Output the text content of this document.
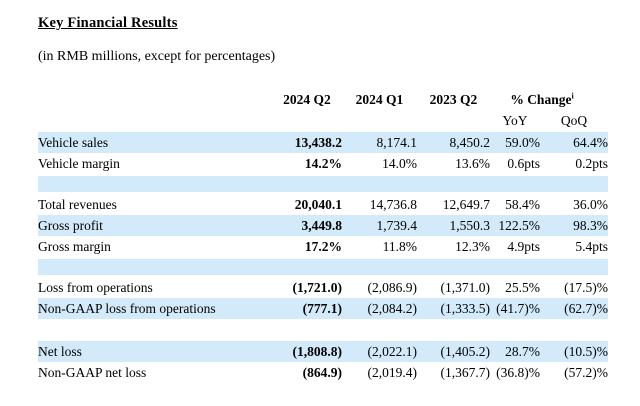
Key Financial Results
(in RMB millions, except for percentages)
2024 Q2	2024 Q1	2023 Q2	% Change$^i$
YoY	QoQ
Vehicle sales	13,438.2	8,174.1	8,450.2	59.0%	64.4%
Vehicle margin	14.2%	14.0%	13.6%	0.6pts	0.2pts
Total revenues	20,040.1	14,736.8	12,649.7	58.4%	36.0%
Gross profit	3,449.8	1,739.4	1,550.3 122.5%	98.3%
Gross margin	17.2%	11.8%	12.3%	4.9pts	5.4pts
Loss from operations	(1,721.0)	(2,086.9)	(1,371.0)	25.5%	(17.5)%
Non-GAAP loss from operations	(777.1)	(2,084.2)	(1,333.5) (41.7)%	(62.7)%
Net loss	(1,808.8)	(2,022.1)	(1,405.2)	28.7%	(10.5)%
Non-GAAP net loss	(864.9)	(2,019.4)	(1,367.7) (36.8)%	(57.2)%
